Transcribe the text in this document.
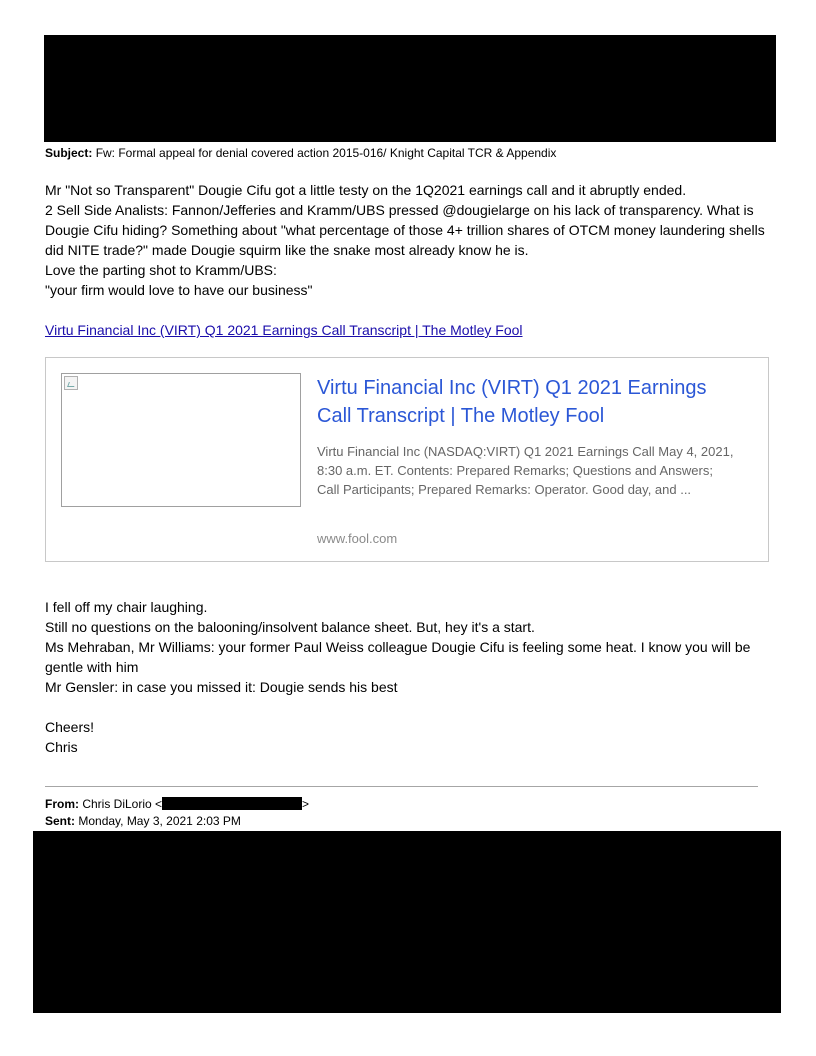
Subject: Fw: Formal appeal for denial covered action 2015-016/ Knight Capital TCR & Appendix

Mr "Not so Transparent" Dougie Cifu got a little testy on the 1Q2021 earnings call and it abruptly ended.

2 Sell Side Analists: Fannon/Jefferies and Kramm/UBS pressed @dougielarge on his lack of transparency. What is Dougie Cifu hiding? Something about "what percentage of those 4+ trillion shares of OTCM money laundering shells did NITE trade?" made Dougie squirm like the snake most already know he is.

Love the parting shot to Kramm/UBS:

"your firm would love to have our business"

Virtu Financial Inc (VIRT) Q1 2021 Earnings Call Transcript | The Motley Fool
Virtu Financial Inc (VIRT) Q1 2021 Earnings Call Transcript | The Motley Fool
Virtu Financial Inc (NASDAQ:VIRT) Q1 2021 Earnings Call May 4, 2021, 8:30 a.m. ET. Contents: Prepared Remarks; Questions and Answers; Call Participants; Prepared Remarks: Operator. Good day, and ...
www.fool.com

I fell off my chair laughing.

Still no questions on the balooning/insolvent balance sheet. But, hey it's a start.

Ms Mehraban, Mr Williams: your former Paul Weiss colleague Dougie Cifu is feeling some heat. I know you will be gentle with him

Mr Gensler: in case you missed it: Dougie sends his best

Cheers!

Chris

From: Chris DiLorio <	>
Sent: Monday, May 3, 2021 2:03 PM
